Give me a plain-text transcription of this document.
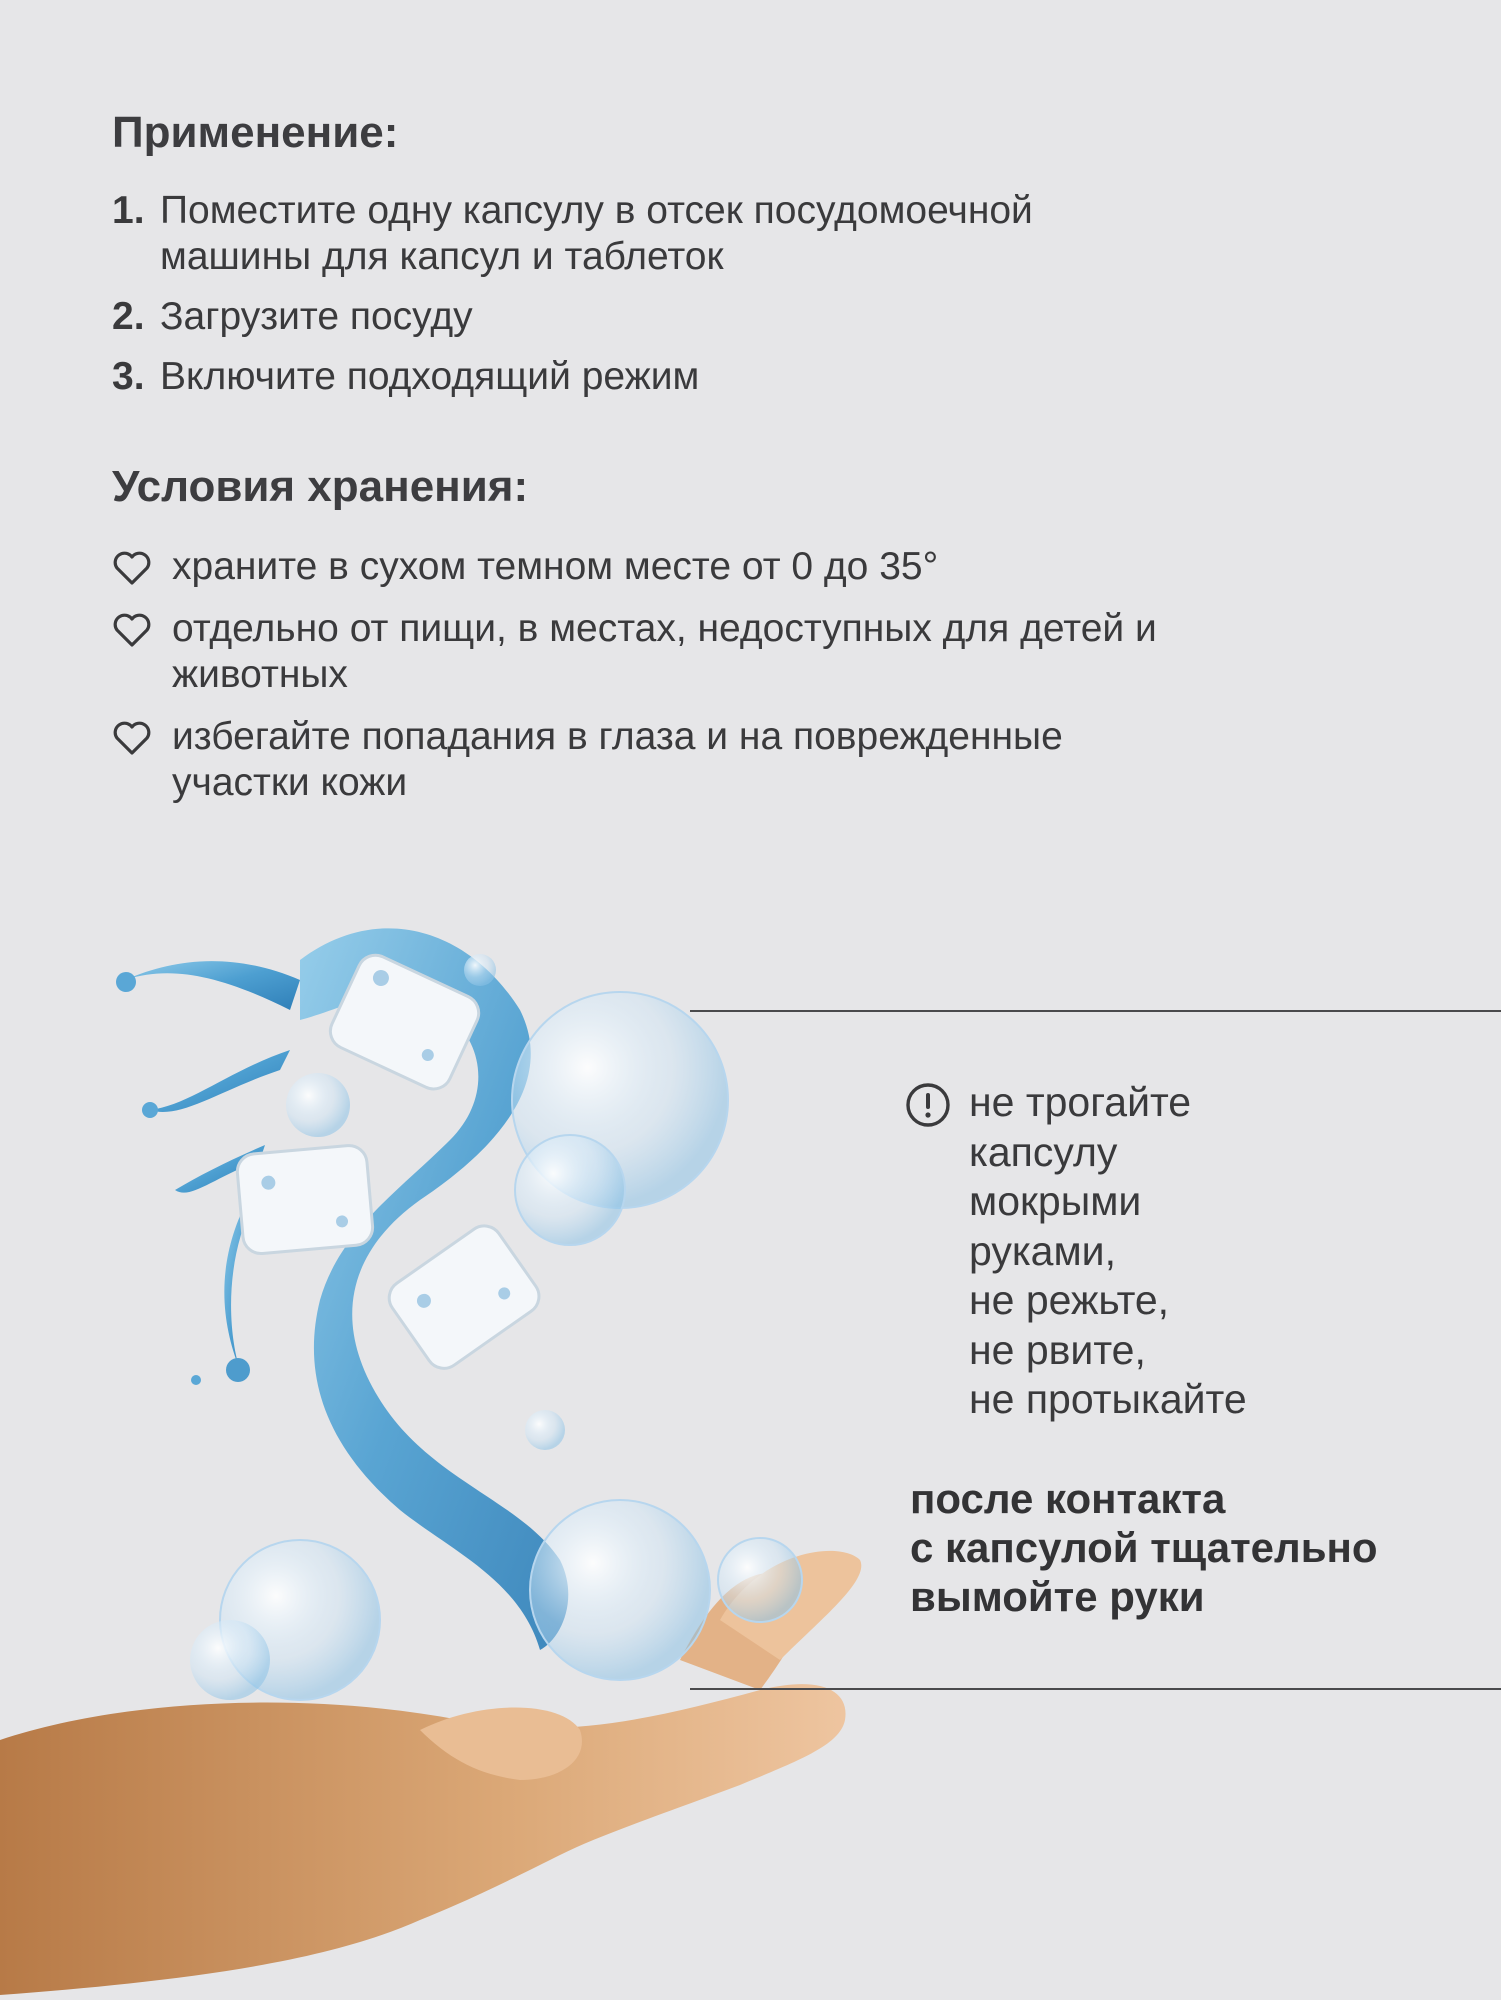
Применение:
1. Поместите одну капсулу в отсек посудомоечной машины для капсул и таблеток
2. Загрузите посуду
3. Включите подходящий режим
Условия хранения:
храните в сухом темном месте от 0 до 35°
отдельно от пищи, в местах, недоступных для детей и животных
избегайте попадания в глаза и на поврежденные участки кожи
не трогайте
капсулу
мокрыми
руками,
не режьте,
не рвите,
не протыкайте
после контакта
с капсулой тщательно
вымойте руки
